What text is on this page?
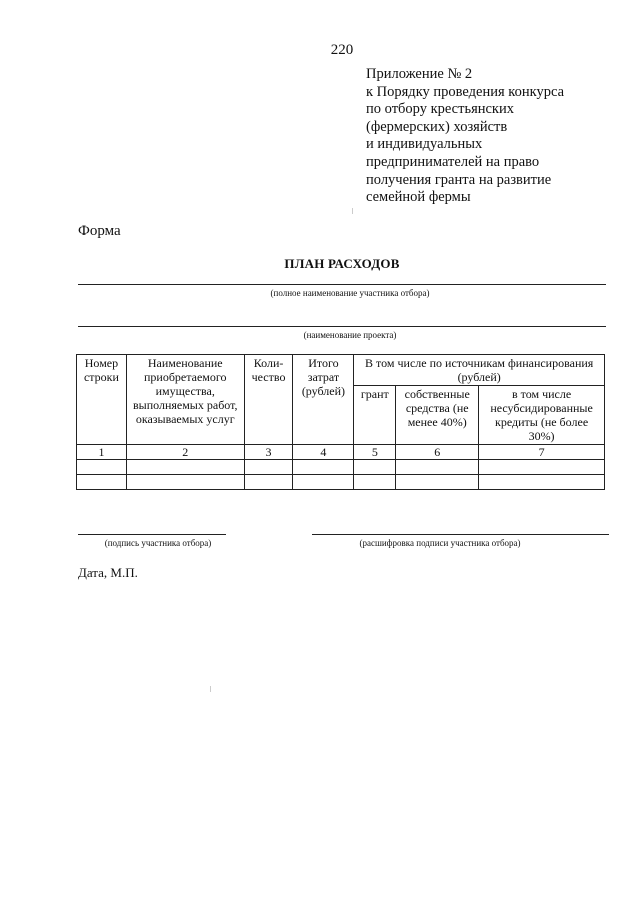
220
Приложение № 2
к Порядку проведения конкурса
по отбору крестьянских
(фермерских) хозяйств
и индивидуальных
предпринимателей на право
получения гранта на развитие
семейной фермы
Форма
ПЛАН РАСХОДОВ
(полное наименование участника отбора)
(наименование проекта)
Номер строки	Наименование приобретаемого имущества, выполняемых работ, оказываемых услуг	Коли-чество	Итого затрат (рублей)	В том числе по источникам финансирования (рублей)		
				грант	собственные средства (не менее 40%)	в том числе несубсидированные кредиты (не более 30%)
1	2	3	4	5	6	7

(подпись участника отбора)	(расшифровка подписи участника отбора)
Дата, М.П.
